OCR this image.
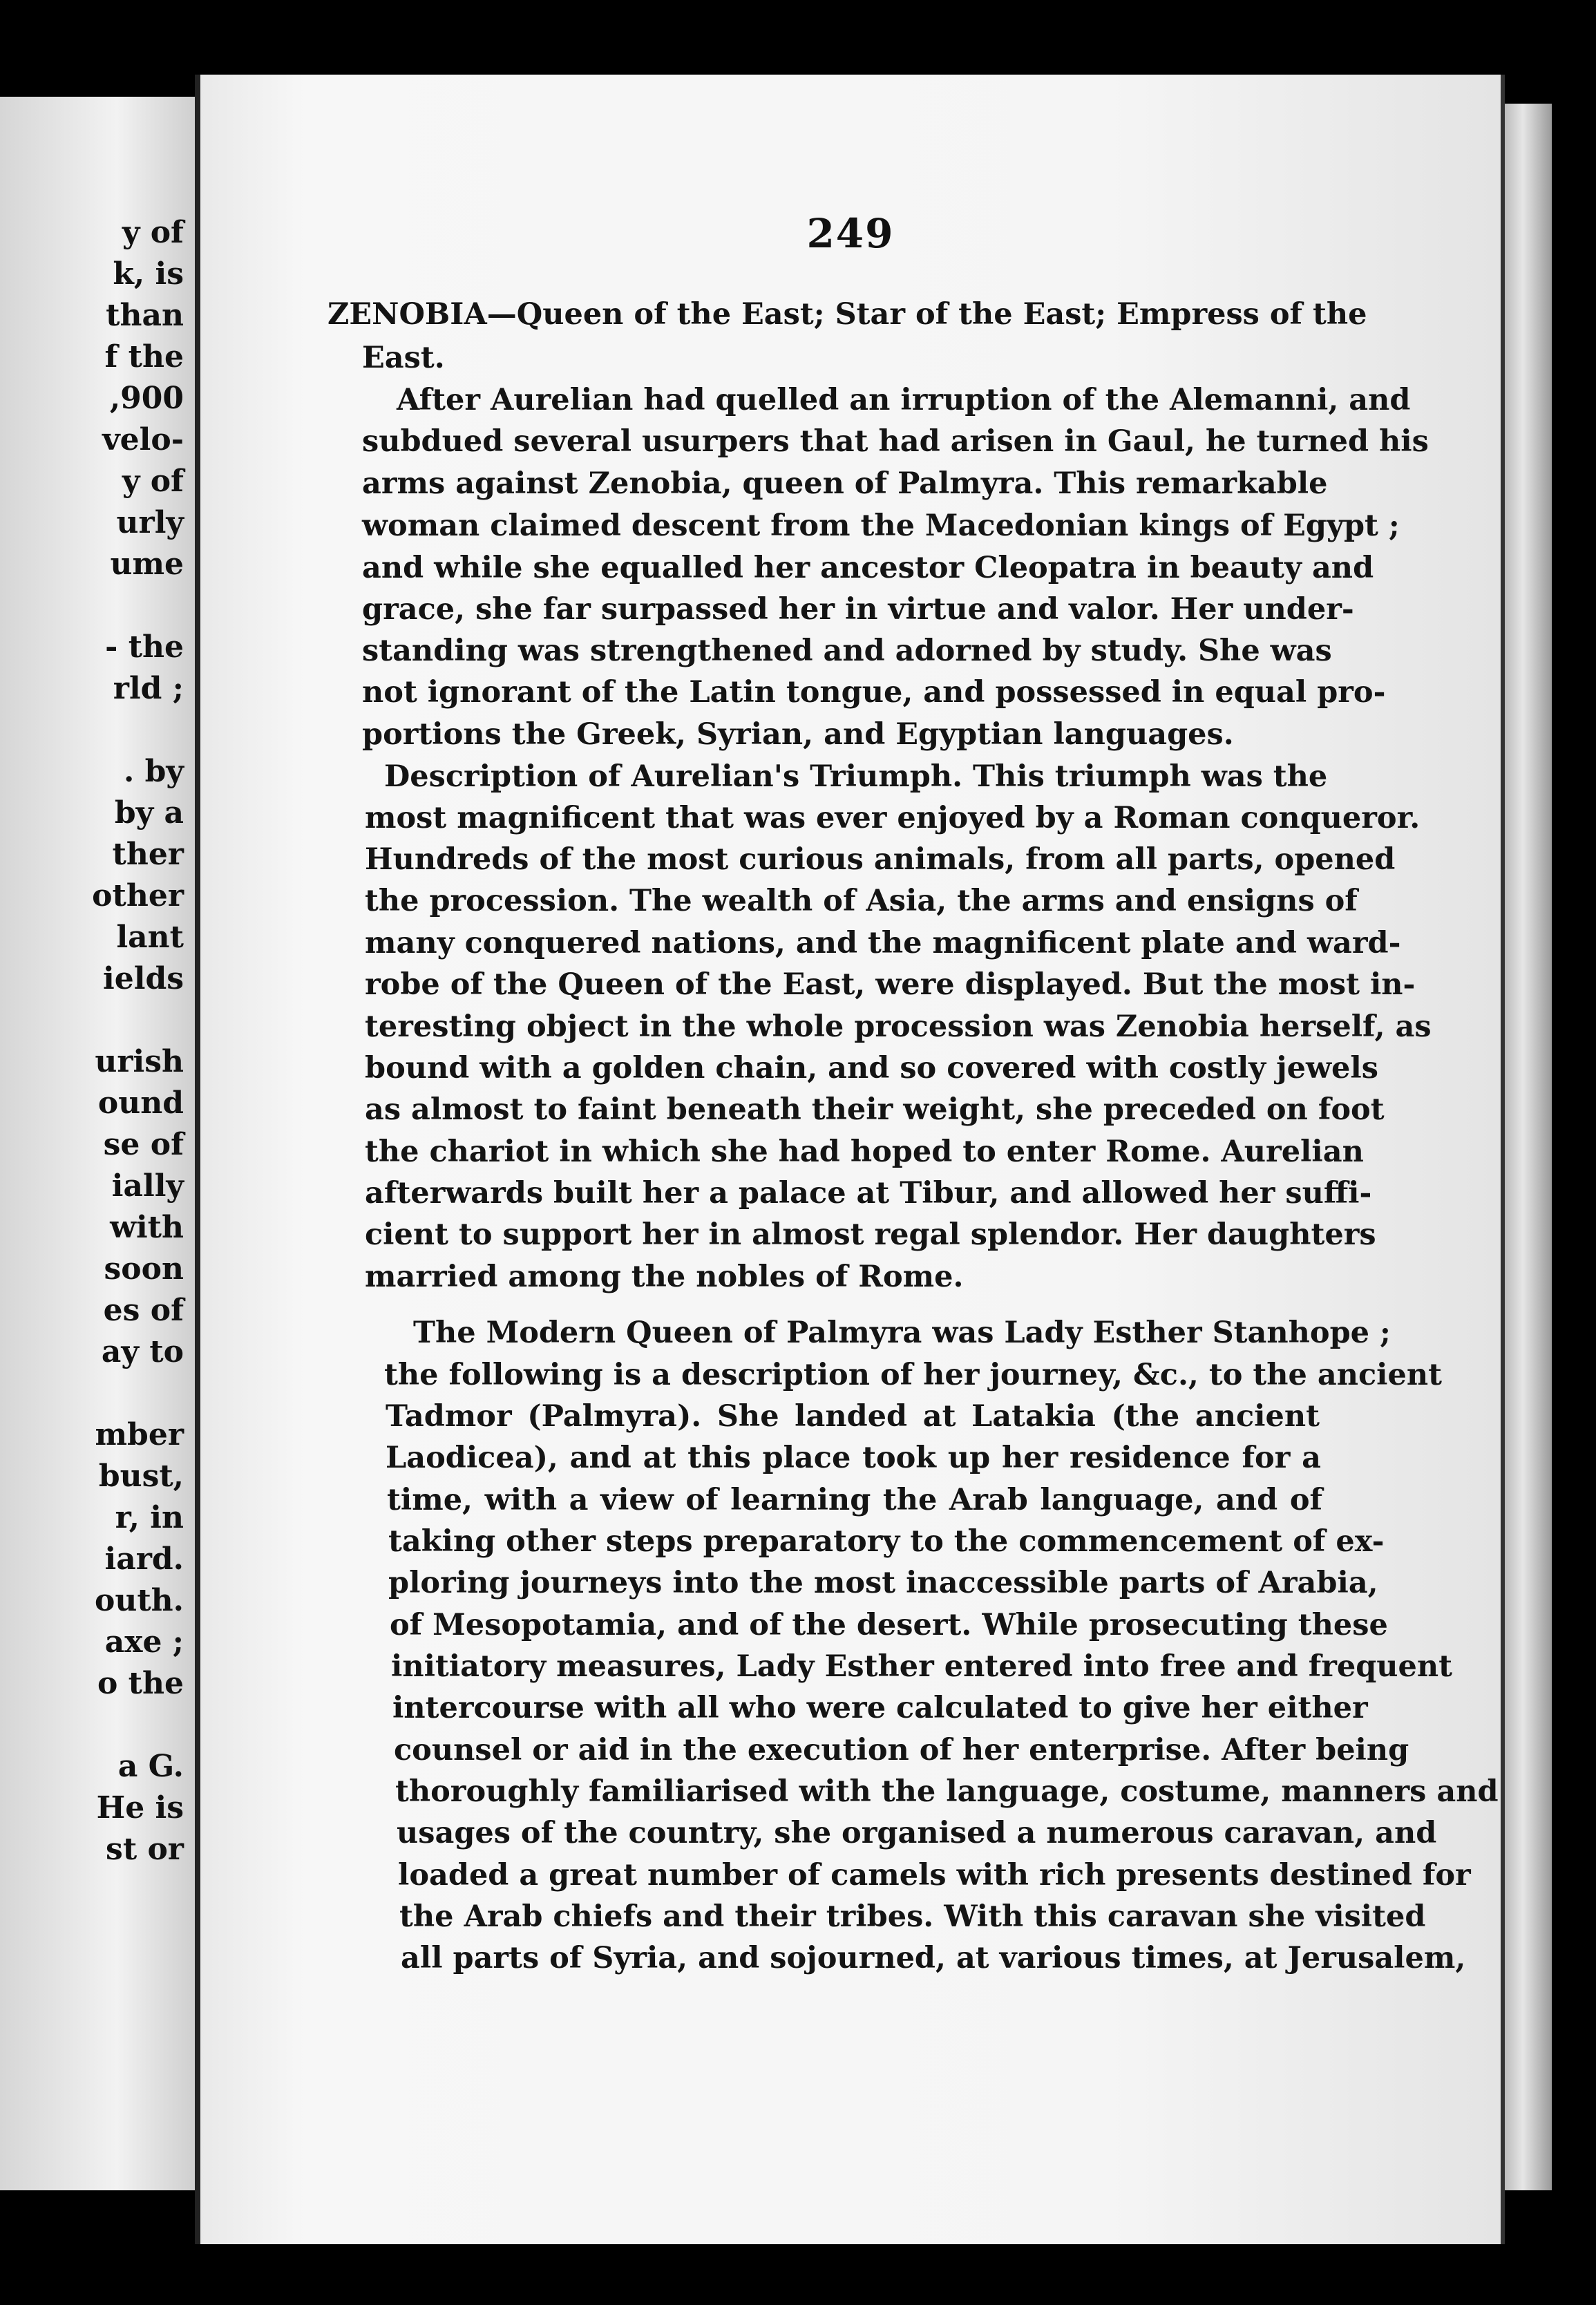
y of
k, is
than
f the
,900
velo-
y of
urly
ume
- the
rld ;
. by
by a
ther
other
lant
ields
urish
ound
se of
ially
with
soon
es of
ay to
mber
bust,
r, in
iard.
outh.
axe ;
o the
a G.
He is
st or
249
ZENOBIA—Queen of the East; Star of the East; Empress of the
East.
After Aurelian had quelled an irruption of the Alemanni, and
subdued several usurpers that had arisen in Gaul, he turned his
arms against Zenobia, queen of Palmyra. This remarkable
woman claimed descent from the Macedonian kings of Egypt ;
and while she equalled her ancestor Cleopatra in beauty and
grace, she far surpassed her in virtue and valor. Her under-
standing was strengthened and adorned by study. She was
not ignorant of the Latin tongue, and possessed in equal pro-
portions the Greek, Syrian, and Egyptian languages.
Description of Aurelian's Triumph. This triumph was the
most magnificent that was ever enjoyed by a Roman conqueror.
Hundreds of the most curious animals, from all parts, opened
the procession. The wealth of Asia, the arms and ensigns of
many conquered nations, and the magnificent plate and ward-
robe of the Queen of the East, were displayed. But the most in-
teresting object in the whole procession was Zenobia herself, as
bound with a golden chain, and so covered with costly jewels
as almost to faint beneath their weight, she preceded on foot
the chariot in which she had hoped to enter Rome. Aurelian
afterwards built her a palace at Tibur, and allowed her suffi-
cient to support her in almost regal splendor. Her daughters
married among the nobles of Rome.
The Modern Queen of Palmyra was Lady Esther Stanhope ;
the following is a description of her journey, &c., to the ancient
Tadmor (Palmyra). She landed at Latakia (the ancient
Laodicea), and at this place took up her residence for a
time, with a view of learning the Arab language, and of
taking other steps preparatory to the commencement of ex-
ploring journeys into the most inaccessible parts of Arabia,
of Mesopotamia, and of the desert. While prosecuting these
initiatory measures, Lady Esther entered into free and frequent
intercourse with all who were calculated to give her either
counsel or aid in the execution of her enterprise. After being
thoroughly familiarised with the language, costume, manners and
usages of the country, she organised a numerous caravan, and
loaded a great number of camels with rich presents destined for
the Arab chiefs and their tribes. With this caravan she visited
all parts of Syria, and sojourned, at various times, at Jerusalem,
